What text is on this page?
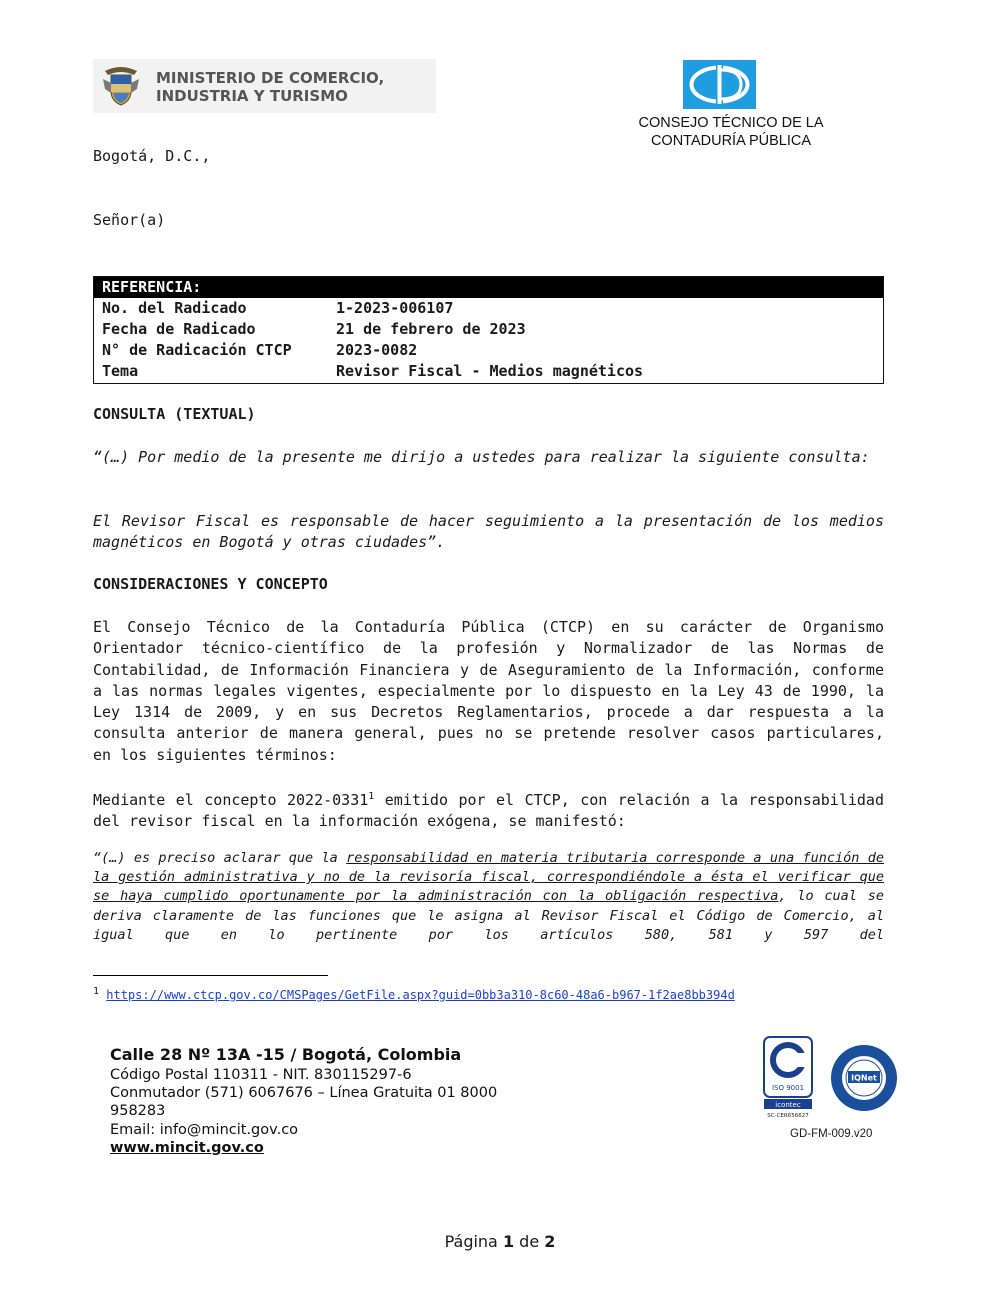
MINISTERIO DE COMERCIO,
INDUSTRIA Y TURISMO
CONSEJO TÉCNICO DE LA
CONTADURÍA PÚBLICA
Bogotá, D.C.,
Señor(a)
REFERENCIA:
No. del Radicado	1-2023-006107
Fecha de Radicado	21 de febrero de 2023
N° de Radicación CTCP	2023-0082
Tema	Revisor Fiscal - Medios magnéticos
CONSULTA (TEXTUAL)
“(…) Por medio de la presente me dirijo a ustedes para realizar la siguiente consulta:
El Revisor Fiscal es responsable de hacer seguimiento a la presentación de los medios magnéticos en Bogotá y otras ciudades”.
CONSIDERACIONES Y CONCEPTO
El Consejo Técnico de la Contaduría Pública (CTCP) en su carácter de Organismo Orientador técnico-científico de la profesión y Normalizador de las Normas de Contabilidad, de Información Financiera y de Aseguramiento de la Información, conforme a las normas legales vigentes, especialmente por lo dispuesto en la Ley 43 de 1990, la Ley 1314 de 2009, y en sus Decretos Reglamentarios, procede a dar respuesta a la consulta anterior de manera general, pues no se pretende resolver casos particulares, en los siguientes términos:
Mediante el concepto 2022-0331$^1$ emitido por el CTCP, con relación a la responsabilidad del revisor fiscal en la información exógena, se manifestó:
“(…) es preciso aclarar que la responsabilidad en materia tributaria corresponde a una función de la gestión administrativa y no de la revisoría fiscal, correspondiéndole a ésta el verificar que se haya cumplido oportunamente por la administración con la obligación respectiva, lo cual se deriva claramente de las funciones que le asigna al Revisor Fiscal el Código de Comercio, al igual que en lo pertinente por los artículos 580, 581 y 597 del
$^1$ https://www.ctcp.gov.co/CMSPages/GetFile.aspx?guid=0bb3a310-8c60-48a6-b967-1f2ae8bb394d
Calle 28 Nº 13A -15 / Bogotá, Colombia
Código Postal 110311 - NIT. 830115297-6
Conmutador (571) 6067676 – Línea Gratuita 01 8000 958283
Email: info@mincit.gov.co
www.mincit.gov.co
ISO 9001
icontec
SC-CER656627
IQNet
GD-FM-009.v20
Página 1 de 2
